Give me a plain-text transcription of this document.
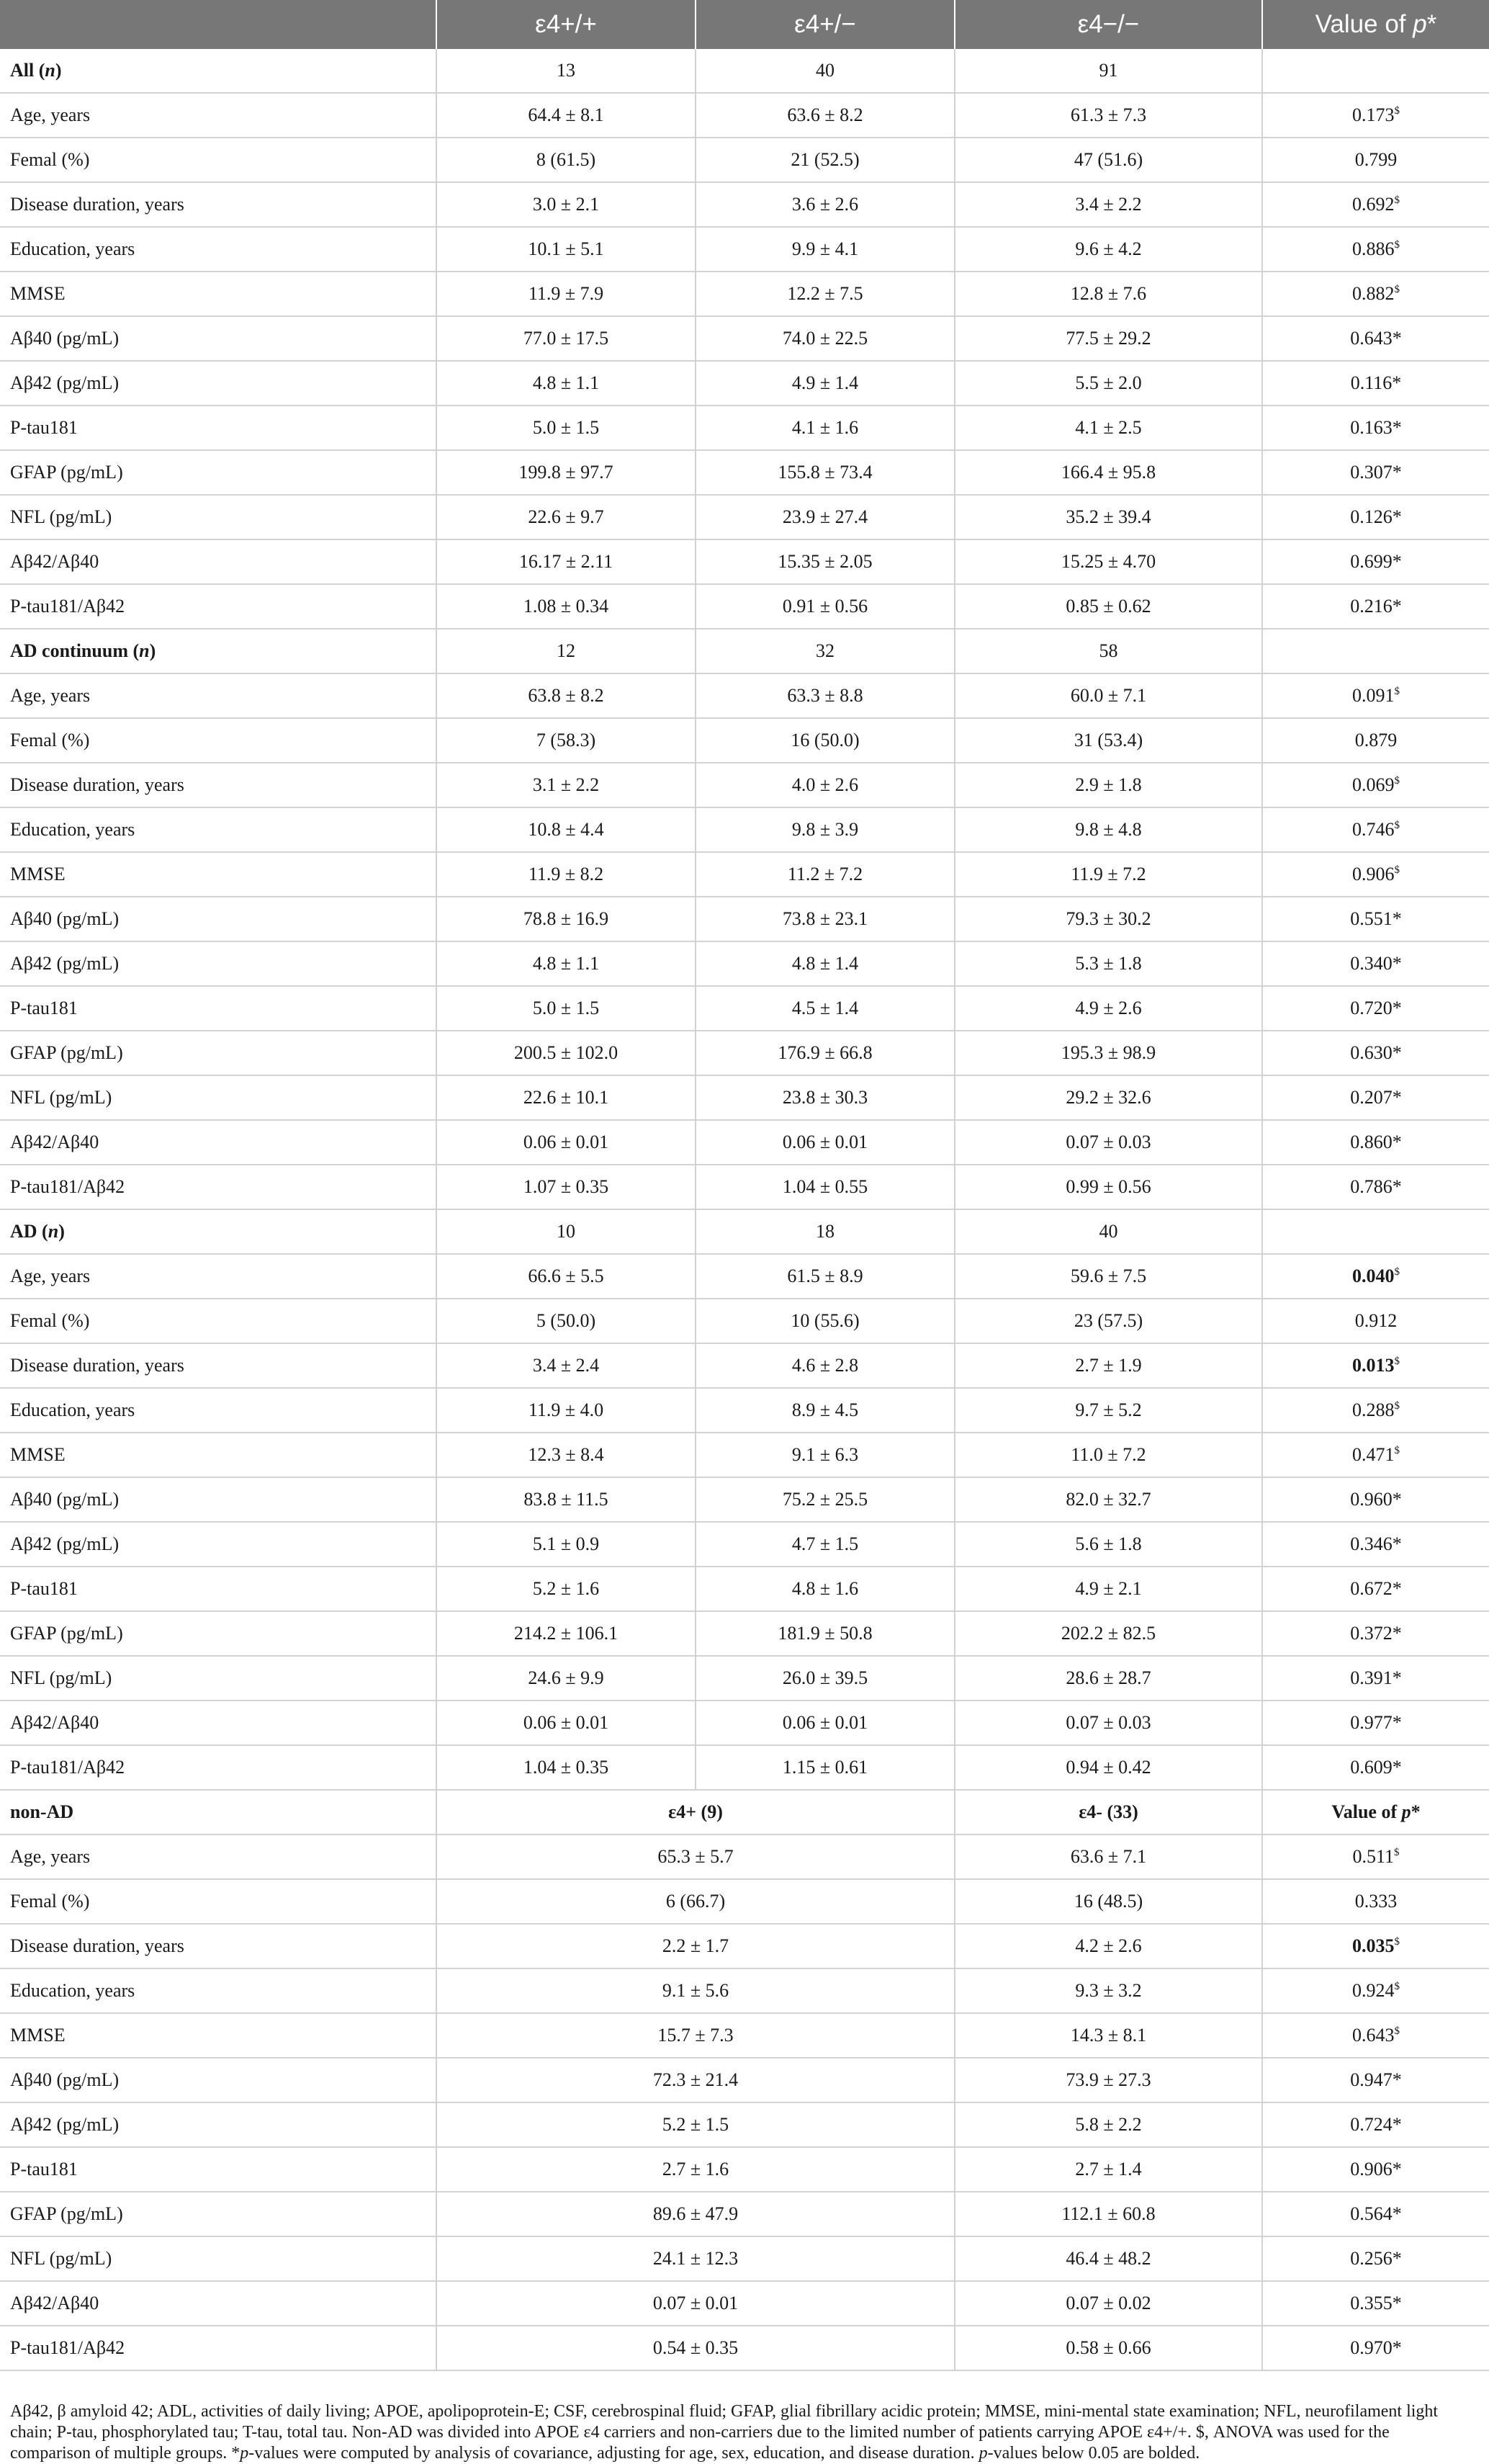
	ε4+/+	ε4+/−	ε4−/−	Value of p*
All (n)	13	40	91	
Age, years	64.4 ± 8.1	63.6 ± 8.2	61.3 ± 7.3	0.173$
Femal (%)	8 (61.5)	21 (52.5)	47 (51.6)	0.799
Disease duration, years	3.0 ± 2.1	3.6 ± 2.6	3.4 ± 2.2	0.692$
Education, years	10.1 ± 5.1	9.9 ± 4.1	9.6 ± 4.2	0.886$
MMSE	11.9 ± 7.9	12.2 ± 7.5	12.8 ± 7.6	0.882$
Aβ40 (pg/mL)	77.0 ± 17.5	74.0 ± 22.5	77.5 ± 29.2	0.643*
Aβ42 (pg/mL)	4.8 ± 1.1	4.9 ± 1.4	5.5 ± 2.0	0.116*
P-tau181	5.0 ± 1.5	4.1 ± 1.6	4.1 ± 2.5	0.163*
GFAP (pg/mL)	199.8 ± 97.7	155.8 ± 73.4	166.4 ± 95.8	0.307*
NFL (pg/mL)	22.6 ± 9.7	23.9 ± 27.4	35.2 ± 39.4	0.126*
Aβ42/Aβ40	16.17 ± 2.11	15.35 ± 2.05	15.25 ± 4.70	0.699*
P-tau181/Aβ42	1.08 ± 0.34	0.91 ± 0.56	0.85 ± 0.62	0.216*
AD continuum (n)	12	32	58	
Age, years	63.8 ± 8.2	63.3 ± 8.8	60.0 ± 7.1	0.091$
Femal (%)	7 (58.3)	16 (50.0)	31 (53.4)	0.879
Disease duration, years	3.1 ± 2.2	4.0 ± 2.6	2.9 ± 1.8	0.069$
Education, years	10.8 ± 4.4	9.8 ± 3.9	9.8 ± 4.8	0.746$
MMSE	11.9 ± 8.2	11.2 ± 7.2	11.9 ± 7.2	0.906$
Aβ40 (pg/mL)	78.8 ± 16.9	73.8 ± 23.1	79.3 ± 30.2	0.551*
Aβ42 (pg/mL)	4.8 ± 1.1	4.8 ± 1.4	5.3 ± 1.8	0.340*
P-tau181	5.0 ± 1.5	4.5 ± 1.4	4.9 ± 2.6	0.720*
GFAP (pg/mL)	200.5 ± 102.0	176.9 ± 66.8	195.3 ± 98.9	0.630*
NFL (pg/mL)	22.6 ± 10.1	23.8 ± 30.3	29.2 ± 32.6	0.207*
Aβ42/Aβ40	0.06 ± 0.01	0.06 ± 0.01	0.07 ± 0.03	0.860*
P-tau181/Aβ42	1.07 ± 0.35	1.04 ± 0.55	0.99 ± 0.56	0.786*
AD (n)	10	18	40	
Age, years	66.6 ± 5.5	61.5 ± 8.9	59.6 ± 7.5	0.040$
Femal (%)	5 (50.0)	10 (55.6)	23 (57.5)	0.912
Disease duration, years	3.4 ± 2.4	4.6 ± 2.8	2.7 ± 1.9	0.013$
Education, years	11.9 ± 4.0	8.9 ± 4.5	9.7 ± 5.2	0.288$
MMSE	12.3 ± 8.4	9.1 ± 6.3	11.0 ± 7.2	0.471$
Aβ40 (pg/mL)	83.8 ± 11.5	75.2 ± 25.5	82.0 ± 32.7	0.960*
Aβ42 (pg/mL)	5.1 ± 0.9	4.7 ± 1.5	5.6 ± 1.8	0.346*
P-tau181	5.2 ± 1.6	4.8 ± 1.6	4.9 ± 2.1	0.672*
GFAP (pg/mL)	214.2 ± 106.1	181.9 ± 50.8	202.2 ± 82.5	0.372*
NFL (pg/mL)	24.6 ± 9.9	26.0 ± 39.5	28.6 ± 28.7	0.391*
Aβ42/Aβ40	0.06 ± 0.01	0.06 ± 0.01	0.07 ± 0.03	0.977*
P-tau181/Aβ42	1.04 ± 0.35	1.15 ± 0.61	0.94 ± 0.42	0.609*
non-AD	ε4+ (9)		ε4- (33)	Value of p*
Age, years	65.3 ± 5.7		63.6 ± 7.1	0.511$
Femal (%)	6 (66.7)		16 (48.5)	0.333
Disease duration, years	2.2 ± 1.7		4.2 ± 2.6	0.035$
Education, years	9.1 ± 5.6		9.3 ± 3.2	0.924$
MMSE	15.7 ± 7.3		14.3 ± 8.1	0.643$
Aβ40 (pg/mL)	72.3 ± 21.4		73.9 ± 27.3	0.947*
Aβ42 (pg/mL)	5.2 ± 1.5		5.8 ± 2.2	0.724*
P-tau181	2.7 ± 1.6		2.7 ± 1.4	0.906*
GFAP (pg/mL)	89.6 ± 47.9		112.1 ± 60.8	0.564*
NFL (pg/mL)	24.1 ± 12.3		46.4 ± 48.2	0.256*
Aβ42/Aβ40	0.07 ± 0.01		0.07 ± 0.02	0.355*
P-tau181/Aβ42	0.54 ± 0.35		0.58 ± 0.66	0.970*
Aβ42, β amyloid 42; ADL, activities of daily living; APOE, apolipoprotein-E; CSF, cerebrospinal fluid; GFAP, glial fibrillary acidic protein; MMSE, mini-mental state examination; NFL, neurofilament light chain; P-tau, phosphorylated tau; T-tau, total tau. Non-AD was divided into APOE ε4 carriers and non-carriers due to the limited number of patients carrying APOE ε4+/+. $, ANOVA was used for the comparison of multiple groups. *p-values were computed by analysis of covariance, adjusting for age, sex, education, and disease duration. p-values below 0.05 are bolded.
